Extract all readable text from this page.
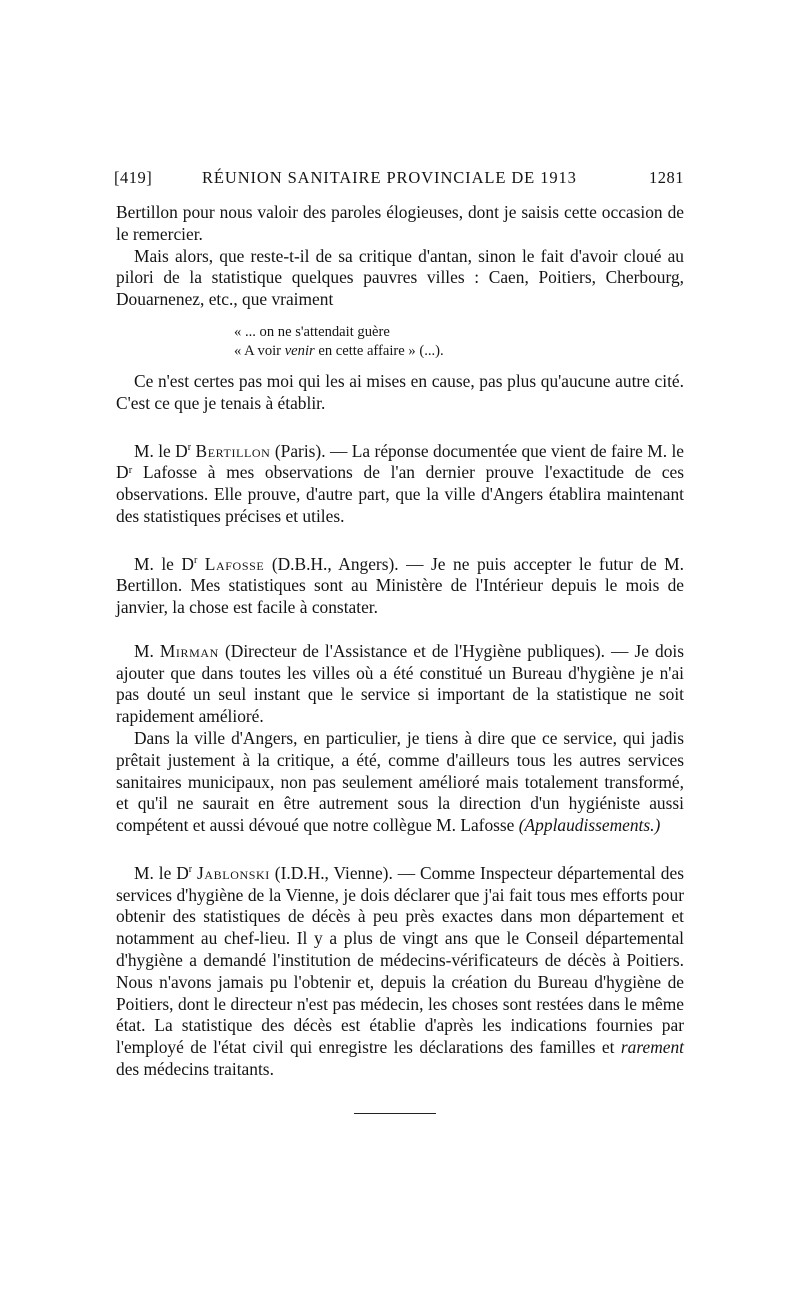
[419]	RÉUNION SANITAIRE PROVINCIALE DE 1913	1281

Bertillon pour nous valoir des paroles élogieuses, dont je saisis cette occasion de le remercier.

Mais alors, que reste-t-il de sa critique d'antan, sinon le fait d'avoir cloué au pilori de la statistique quelques pauvres villes : Caen, Poitiers, Cherbourg, Douarnenez, etc., que vraiment

« ... on ne s'attendait guère
« A voir venir en cette affaire » (...).

Ce n'est certes pas moi qui les ai mises en cause, pas plus qu'aucune autre cité. C'est ce que je tenais à établir.

M. le $D^r$ Bertillon (Paris). — La réponse documentée que vient de faire M. le Dʳ Lafosse à mes observations de l'an dernier prouve l'exactitude de ces observations. Elle prouve, d'autre part, que la ville d'Angers établira maintenant des statistiques précises et utiles.

M. le $D^r$ Lafosse (D.B.H., Angers). — Je ne puis accepter le futur de M. Bertillon. Mes statistiques sont au Ministère de l'Intérieur depuis le mois de janvier, la chose est facile à constater.

M. Mirman (Directeur de l'Assistance et de l'Hygiène publiques). — Je dois ajouter que dans toutes les villes où a été constitué un Bureau d'hygiène je n'ai pas douté un seul instant que le service si important de la statistique ne soit rapidement amélioré.

Dans la ville d'Angers, en particulier, je tiens à dire que ce service, qui jadis prêtait justement à la critique, a été, comme d'ailleurs tous les autres services sanitaires municipaux, non pas seulement amélioré mais totalement transformé, et qu'il ne saurait en être autrement sous la direction d'un hygiéniste aussi compétent et aussi dévoué que notre collègue M. Lafosse (Applaudissements.)

M. le $D^r$ Jablonski (I.D.H., Vienne). — Comme Inspecteur départemental des services d'hygiène de la Vienne, je dois déclarer que j'ai fait tous mes efforts pour obtenir des statistiques de décès à peu près exactes dans mon département et notamment au chef-lieu. Il y a plus de vingt ans que le Conseil départemental d'hygiène a demandé l'institution de médecins-vérificateurs de décès à Poitiers. Nous n'avons jamais pu l'obtenir et, depuis la création du Bureau d'hygiène de Poitiers, dont le directeur n'est pas médecin, les choses sont restées dans le même état. La statistique des décès est établie d'après les indications fournies par l'employé de l'état civil qui enregistre les déclarations des familles et rarement des médecins traitants.
